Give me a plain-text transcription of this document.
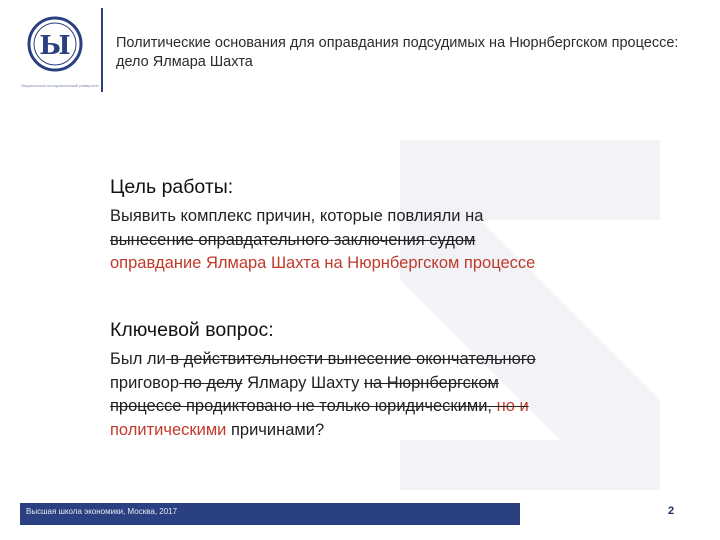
Ы
Национальный исследовательский университет
Политические основания для оправдания подсудимых на Нюрнбергском процессе: дело Ялмара Шахта
Цель работы:
Выявить комплекс причин, которые повлияли на
вынесение оправдательного заключения судом
оправдание Ялмара Шахта на Нюрнбергском процессе
Ключевой вопрос:
Был ли в действительности вынесение окончательного
приговор по делу Ялмару Шахту на Нюрнбергском
процессе продиктовано не только юридическими, но и
политическими причинами?
Высшая школа экономики, Москва, 2017	2
